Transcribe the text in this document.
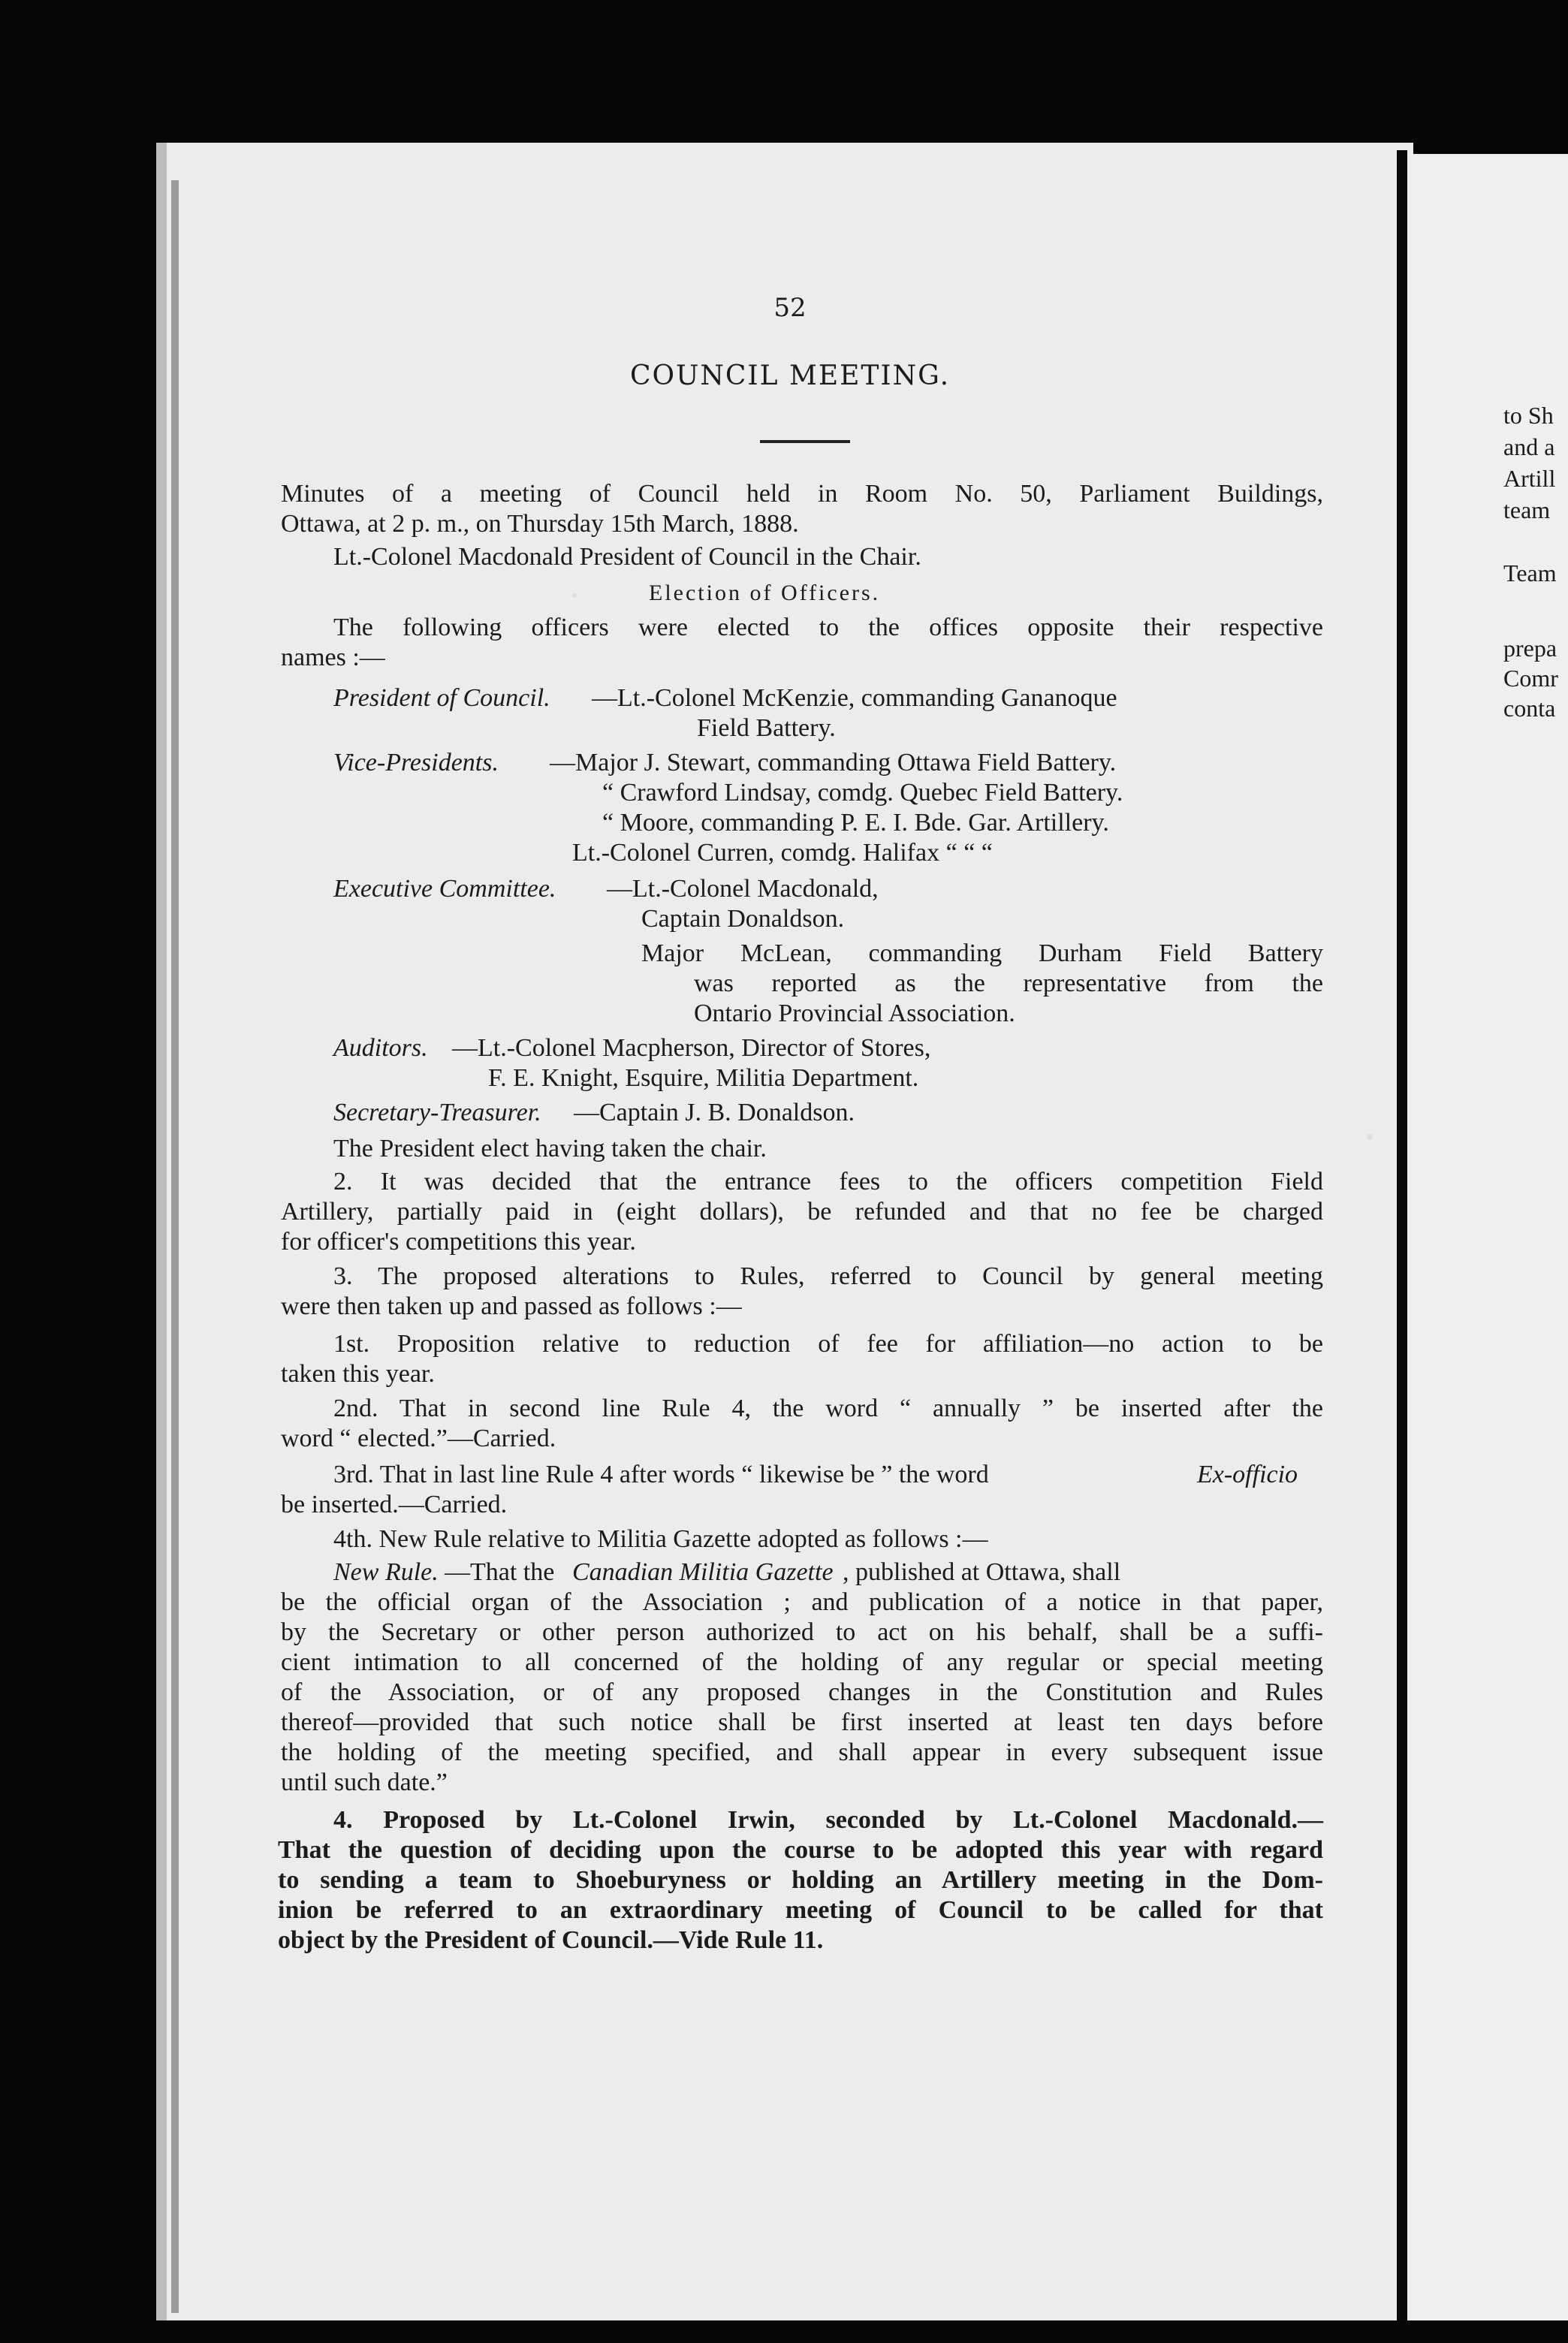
52
COUNCIL MEETING.
Minutes of a meeting of Council held in Room No. 50, Parliament Buildings,
Ottawa, at 2 p. m., on Thursday 15th March, 1888.
Lt.-Colonel Macdonald President of Council in the Chair.
Election of Officers.
The following officers were elected to the offices opposite their respective
names :—
President of Council. —Lt.-Colonel McKenzie, commanding Gananoque
Field Battery.
Vice-Presidents. —Major J. Stewart, commanding Ottawa Field Battery.
“ Crawford Lindsay, comdg. Quebec Field Battery.
“ Moore, commanding P. E. I. Bde. Gar. Artillery.
Lt.-Colonel Curren, comdg. Halifax “ “ “
Executive Committee. —Lt.-Colonel Macdonald,
Captain Donaldson.
Major McLean, commanding Durham Field Battery
was reported as the representative from the
Ontario Provincial Association.
Auditors. —Lt.-Colonel Macpherson, Director of Stores,
F. E. Knight, Esquire, Militia Department.
Secretary-Treasurer. —Captain J. B. Donaldson.
The President elect having taken the chair.
2. It was decided that the entrance fees to the officers competition Field
Artillery, partially paid in (eight dollars), be refunded and that no fee be charged
for officer's competitions this year.
3. The proposed alterations to Rules, referred to Council by general meeting
were then taken up and passed as follows :—
1st. Proposition relative to reduction of fee for affiliation—no action to be
taken this year.
2nd. That in second line Rule 4, the word “ annually ” be inserted after the
word “ elected.”—Carried.
3rd. That in last line Rule 4 after words “ likewise be ” the word	Ex-officio
be inserted.—Carried.
4th. New Rule relative to Militia Gazette adopted as follows :—
New Rule. —That the Canadian Militia Gazette , published at Ottawa, shall
be the official organ of the Association ; and publication of a notice in that paper,
by the Secretary or other person authorized to act on his behalf, shall be a suffi-
cient intimation to all concerned of the holding of any regular or special meeting
of the Association, or of any proposed changes in the Constitution and Rules
thereof—provided that such notice shall be first inserted at least ten days before
the holding of the meeting specified, and shall appear in every subsequent issue
until such date.”
4. Proposed by Lt.-Colonel Irwin, seconded by Lt.-Colonel Macdonald.—
That the question of deciding upon the course to be adopted this year with regard
to sending a team to Shoeburyness or holding an Artillery meeting in the Dom-
inion be referred to an extraordinary meeting of Council to be called for that
object by the President of Council.—Vide Rule 11.
to Sh
and a
Artill
team
Team
prepa
Comr
conta
